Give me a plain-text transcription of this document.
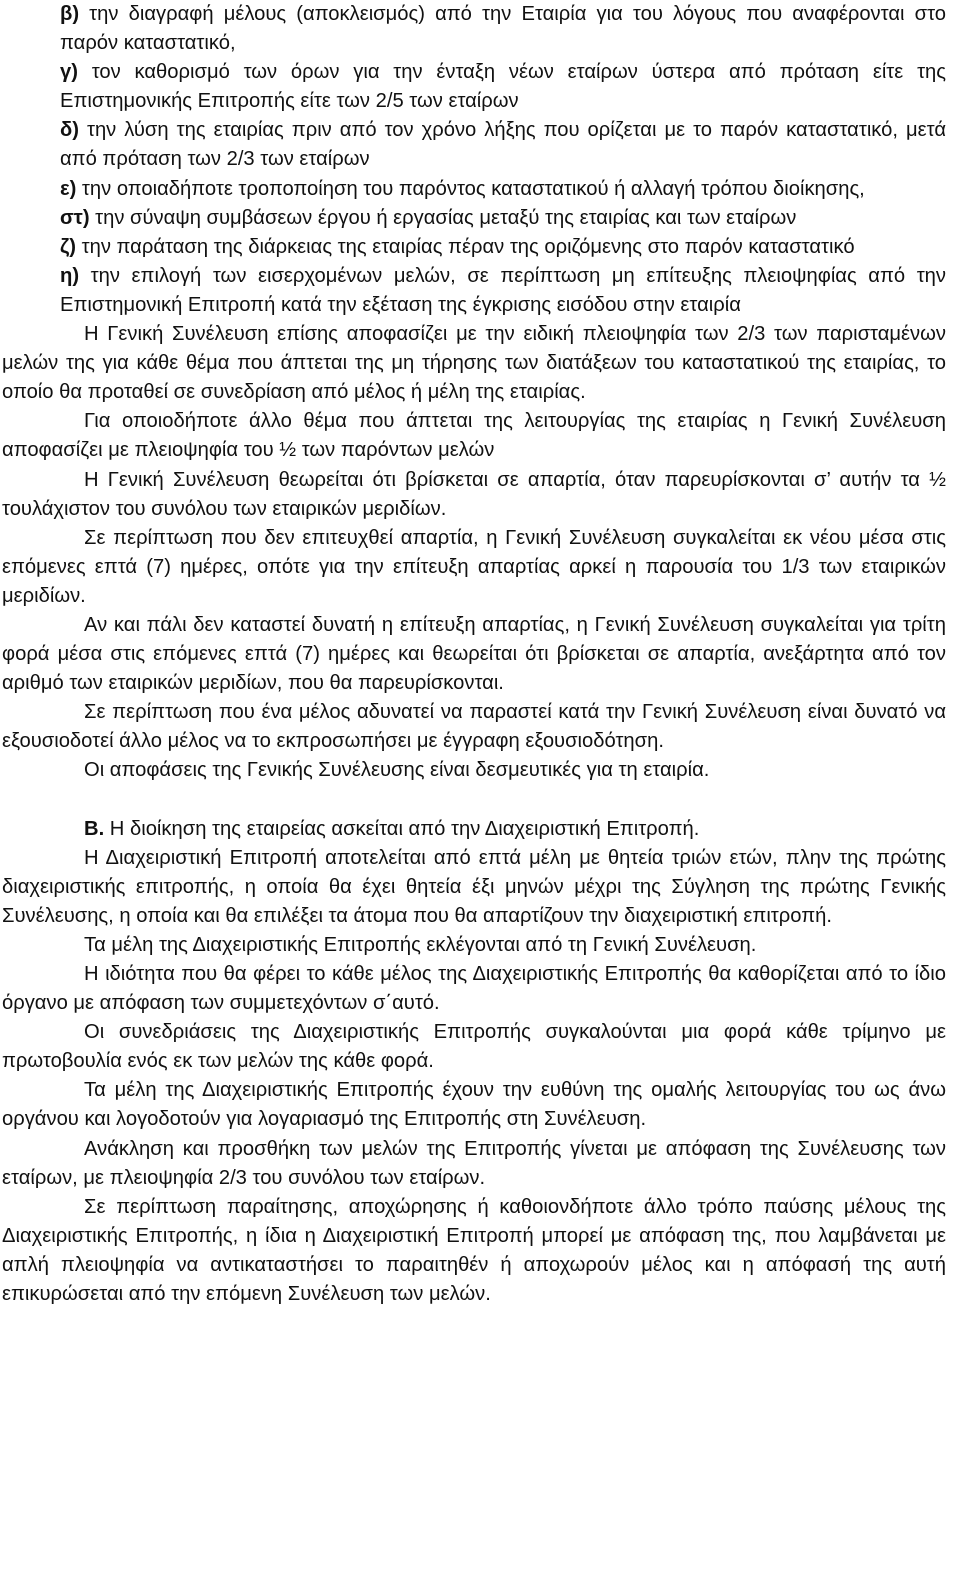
β) την διαγραφή μέλους (αποκλεισμός) από την Εταιρία για του λόγους που αναφέρονται στο παρόν καταστατικό,

γ) τον καθορισμό των όρων για την ένταξη νέων εταίρων ύστερα από πρόταση είτε της Επιστημονικής Επιτροπής είτε των 2/5 των εταίρων

δ) την λύση της εταιρίας πριν από τον χρόνο λήξης που ορίζεται με το παρόν καταστατικό, μετά από πρόταση των 2/3 των εταίρων

ε) την οποιαδήποτε τροποποίηση του παρόντος καταστατικού ή αλλαγή τρόπου διοίκησης,

στ) την σύναψη συμβάσεων έργου ή εργασίας μεταξύ της εταιρίας και των εταίρων

ζ) την παράταση της διάρκειας της εταιρίας πέραν της οριζόμενης στο παρόν καταστατικό

η) την επιλογή των εισερχομένων μελών, σε περίπτωση μη επίτευξης πλειοψηφίας από την Επιστημονική Επιτροπή κατά την εξέταση της έγκρισης εισόδου στην εταιρία

Η Γενική Συνέλευση επίσης αποφασίζει με την ειδική πλειοψηφία των 2/3 των παρισταμένων μελών της για κάθε θέμα που άπτεται της μη τήρησης των διατάξεων του καταστατικού της εταιρίας, το οποίο θα προταθεί σε συνεδρίαση από μέλος ή μέλη της εταιρίας.

Για οποιοδήποτε άλλο θέμα που άπτεται της λειτουργίας της εταιρίας η Γενική Συνέλευση αποφασίζει με πλειοψηφία του ½ των παρόντων μελών

Η Γενική Συνέλευση θεωρείται ότι βρίσκεται σε απαρτία, όταν παρευρίσκονται σ’ αυτήν τα ½ τουλάχιστον του συνόλου των εταιρικών μεριδίων.

Σε περίπτωση που δεν επιτευχθεί απαρτία, η Γενική Συνέλευση συγκαλείται εκ νέου μέσα στις επόμενες επτά (7) ημέρες, οπότε για την επίτευξη απαρτίας αρκεί η παρουσία του 1/3 των εταιρικών μεριδίων.

Αν και πάλι δεν καταστεί δυνατή η επίτευξη απαρτίας, η Γενική Συνέλευση συγκαλείται για τρίτη φορά μέσα στις επόμενες επτά (7) ημέρες και θεωρείται ότι βρίσκεται σε απαρτία, ανεξάρτητα από τον αριθμό των εταιρικών μεριδίων, που θα παρευρίσκονται.

Σε περίπτωση που ένα μέλος αδυνατεί να παραστεί κατά την Γενική Συνέλευση είναι δυνατό να εξουσιοδοτεί άλλο μέλος να το εκπροσωπήσει με έγγραφη εξουσιοδότηση.

Οι αποφάσεις της Γενικής Συνέλευσης είναι δεσμευτικές για τη εταιρία.

Β. Η διοίκηση της εταιρείας ασκείται από την Διαχειριστική Επιτροπή.

Η Διαχειριστική Επιτροπή αποτελείται από επτά μέλη με θητεία τριών ετών, πλην της πρώτης διαχειριστικής επιτροπής, η οποία θα έχει θητεία έξι μηνών μέχρι της Σύγληση της πρώτης Γενικής Συνέλευσης, η οποία και θα επιλέξει τα άτομα που θα απαρτίζουν την διαχειριστική επιτροπή.

Τα μέλη της Διαχειριστικής Επιτροπής εκλέγονται από τη Γενική Συνέλευση.

Η ιδιότητα που θα φέρει το κάθε μέλος της Διαχειριστικής Επιτροπής θα καθορίζεται από το ίδιο όργανο με απόφαση των συμμετεχόντων σ΄αυτό.

Οι συνεδριάσεις της Διαχειριστικής Επιτροπής συγκαλούνται μια φορά κάθε τρίμηνο με πρωτοβουλία ενός εκ των μελών της κάθε φορά.

Τα μέλη της Διαχειριστικής Επιτροπής έχουν την ευθύνη της ομαλής λειτουργίας του ως άνω οργάνου και λογοδοτούν για λογαριασμό της Επιτροπής στη Συνέλευση.

Ανάκληση και προσθήκη των μελών της Επιτροπής γίνεται με απόφαση της Συνέλευσης των εταίρων, με πλειοψηφία 2/3 του συνόλου των εταίρων.

Σε περίπτωση παραίτησης, αποχώρησης ή καθοιονδήποτε άλλο τρόπο παύσης μέλους της Διαχειριστικής Επιτροπής, η ίδια η Διαχειριστική Επιτροπή μπορεί με απόφαση της, που λαμβάνεται με απλή πλειοψηφία να αντικαταστήσει το παραιτηθέν ή αποχωρούν μέλος και η απόφασή της αυτή επικυρώσεται από την επόμενη Συνέλευση των μελών.
